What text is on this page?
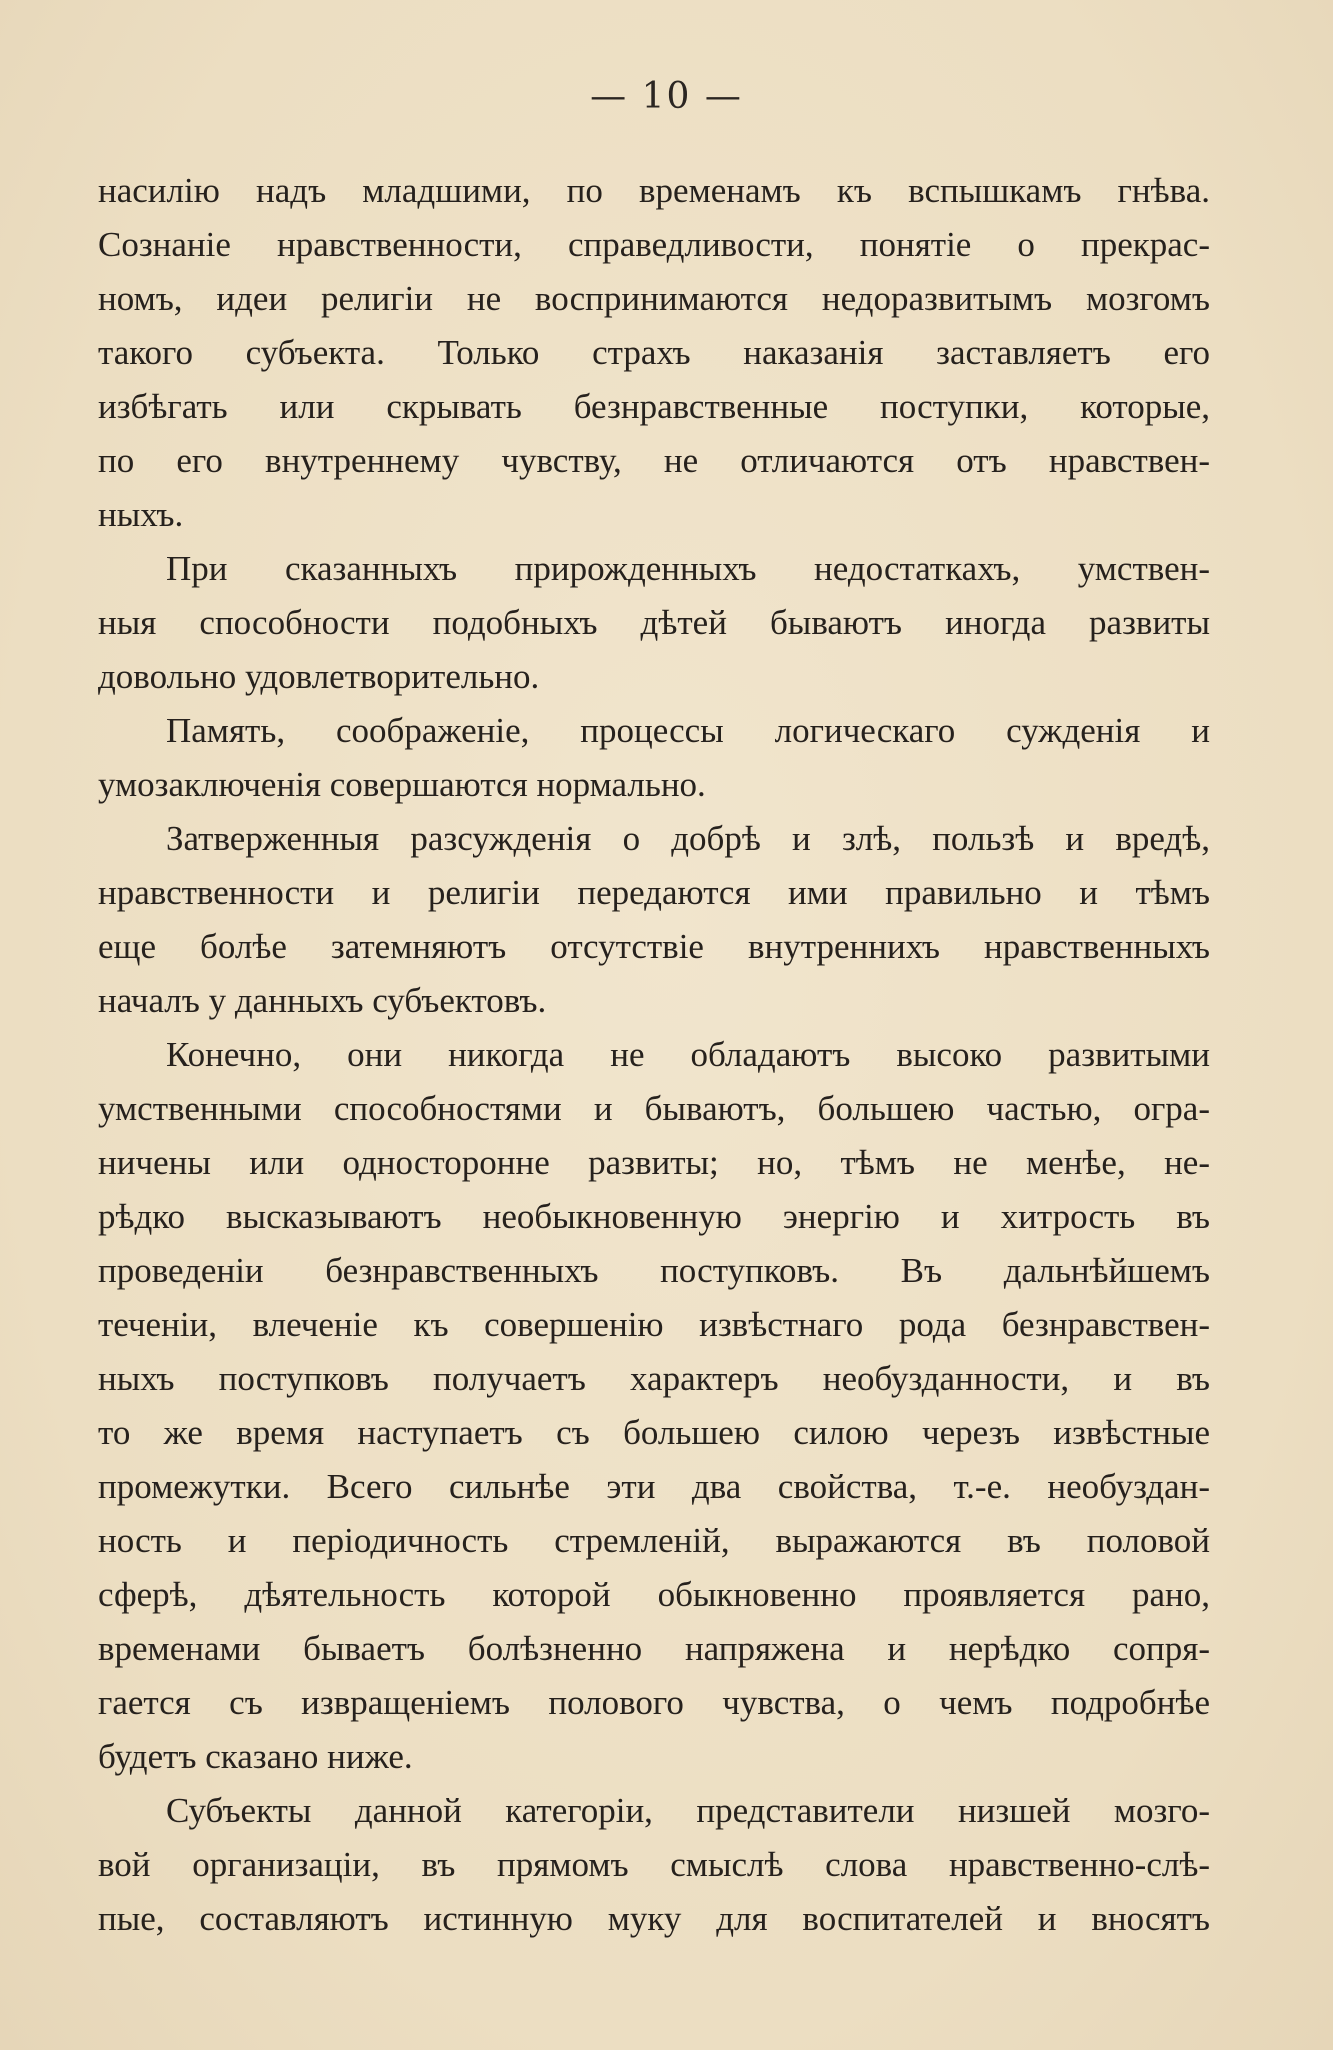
— 10 —
насилію надъ младшими, по временамъ къ вспышкамъ гнѣва.
Сознаніе нравственности, справедливости, понятіе о прекрас-
номъ, идеи религіи не воспринимаются недоразвитымъ мозгомъ
такого субъекта. Только страхъ наказанія заставляетъ его
избѣгать или скрывать безнравственные поступки, которые,
по его внутреннему чувству, не отличаются отъ нравствен-
ныхъ.
При сказанныхъ прирожденныхъ недостаткахъ, умствен-
ныя способности подобныхъ дѣтей бываютъ иногда развиты
довольно удовлетворительно.
Память, соображеніе, процессы логическаго сужденія и
умозаключенія совершаются нормально.
Затверженныя разсужденія о добрѣ и злѣ, пользѣ и вредѣ,
нравственности и религіи передаются ими правильно и тѣмъ
еще болѣе затемняютъ отсутствіе внутреннихъ нравственныхъ
началъ у данныхъ субъектовъ.
Конечно, они никогда не обладаютъ высоко развитыми
умственными способностями и бываютъ, большею частью, огра-
ничены или односторонне развиты; но, тѣмъ не менѣе, не-
рѣдко высказываютъ необыкновенную энергію и хитрость въ
проведеніи безнравственныхъ поступковъ. Въ дальнѣйшемъ
теченіи, влеченіе къ совершенію извѣстнаго рода безнравствен-
ныхъ поступковъ получаетъ характеръ необузданности, и въ
то же время наступаетъ съ большею силою черезъ извѣстные
промежутки. Всего сильнѣе эти два свойства, т.-е. необуздан-
ность и періодичность стремленій, выражаются въ половой
сферѣ, дѣятельность которой обыкновенно проявляется рано,
временами бываетъ болѣзненно напряжена и нерѣдко сопря-
гается съ извращеніемъ полового чувства, о чемъ подробнѣе
будетъ сказано ниже.
Субъекты данной категоріи, представители низшей мозго-
вой организаціи, въ прямомъ смыслѣ слова нравственно-слѣ-
пые, составляютъ истинную муку для воспитателей и вносятъ
